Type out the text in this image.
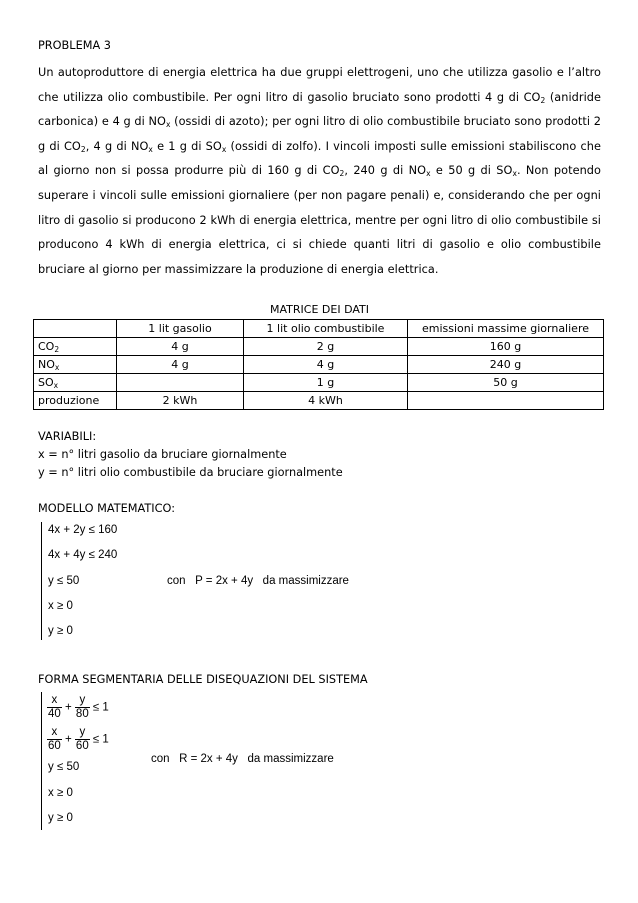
PROBLEMA 3
Un autoproduttore di energia elettrica ha due gruppi elettrogeni, uno che utilizza gasolio e l’altro che utilizza olio combustibile. Per ogni litro di gasolio bruciato sono prodotti 4 g di $CO_2$ (anidride carbonica) e 4 g di $NO_x$ (ossidi di azoto); per ogni litro di olio combustibile bruciato sono prodotti 2 g di $CO_2$, 4 g di $NO_x$ e 1 g di $SO_x$ (ossidi di zolfo). I vincoli imposti sulle emissioni stabiliscono che al giorno non si possa produrre più di 160 g di $CO_2$, 240 g di $NO_x$ e 50 g di $SO_x$. Non potendo superare i vincoli sulle emissioni giornaliere (per non pagare penali) e, considerando che per ogni litro di gasolio si producono 2 kWh di energia elettrica, mentre per ogni litro di olio combustibile si producono 4 kWh di energia elettrica, ci si chiede quanti litri di gasolio e olio combustibile bruciare al giorno per massimizzare la produzione di energia elettrica.
MATRICE DEI DATI
	1 lit gasolio	1 lit olio combustibile	emissioni massime giornaliere
$CO_2$	4 g	2 g	160 g
$NO_x$	4 g	4 g	240 g
$SO_x$		1 g	50 g
produzione	2 kWh	4 kWh	
VARIABILI:
x = n° litri gasolio da bruciare giornalmente
y = n° litri olio combustibile da bruciare giornalmente
MODELLO MATEMATICO:
4x + 2y ≤ 160
4x + 4y ≤ 240
y ≤ 50
x ≥ 0
y ≥ 0
con   P = 2x + 4y   da massimizzare
FORMA SEGMENTARIA DELLE DISEQUAZIONI DEL SISTEMA
$\frac{x}{40} + \frac{y}{80} \le 1$
$\frac{x}{60} + \frac{y}{60} \le 1$
y ≤ 50
x ≥ 0
y ≥ 0
con   R = 2x + 4y   da massimizzare
